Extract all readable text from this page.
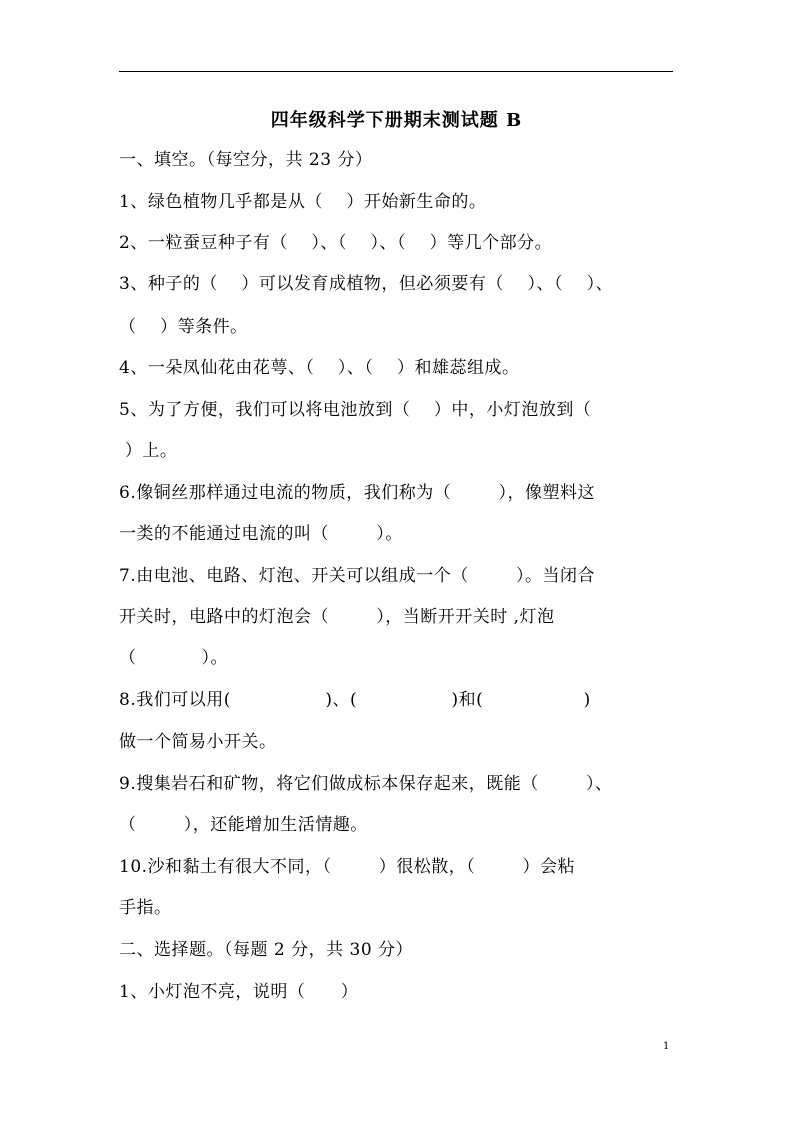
四年级科学下册期末测试题 B
一、填空。（每空分，共 23 分）
1、绿色植物几乎都是从（    ）开始新生命的。
2、一粒蚕豆种子有（    ）、（    ）、（    ）等几个部分。
3、种子的（    ）可以发育成植物，但必须要有（    ）、（    ）、
（    ）等条件。
4、一朵凤仙花由花萼、（    ）、（    ）和雄蕊组成。
5、为了方便，我们可以将电池放到（    ）中，小灯泡放到（
）上。
6.像铜丝那样通过电流的物质，我们称为（        ），像塑料这
一类的不能通过电流的叫（        ）。
7.由电池、电路、灯泡、开关可以组成一个（        ）。当闭合
开关时，电路中的灯泡会（        ），当断开开关时 ,灯泡
（           ）。
8.我们可以用(                )、(                )和(                 )
做一个简易小开关。
9.搜集岩石和矿物，将它们做成标本保存起来，既能（        ）、
（        ），还能增加生活情趣。
10.沙和黏土有很大不同，（        ）很松散，（        ）会粘
手指。
二、选择题。（每题 2 分，共 30 分）
1、小灯泡不亮，说明（      ）
1
